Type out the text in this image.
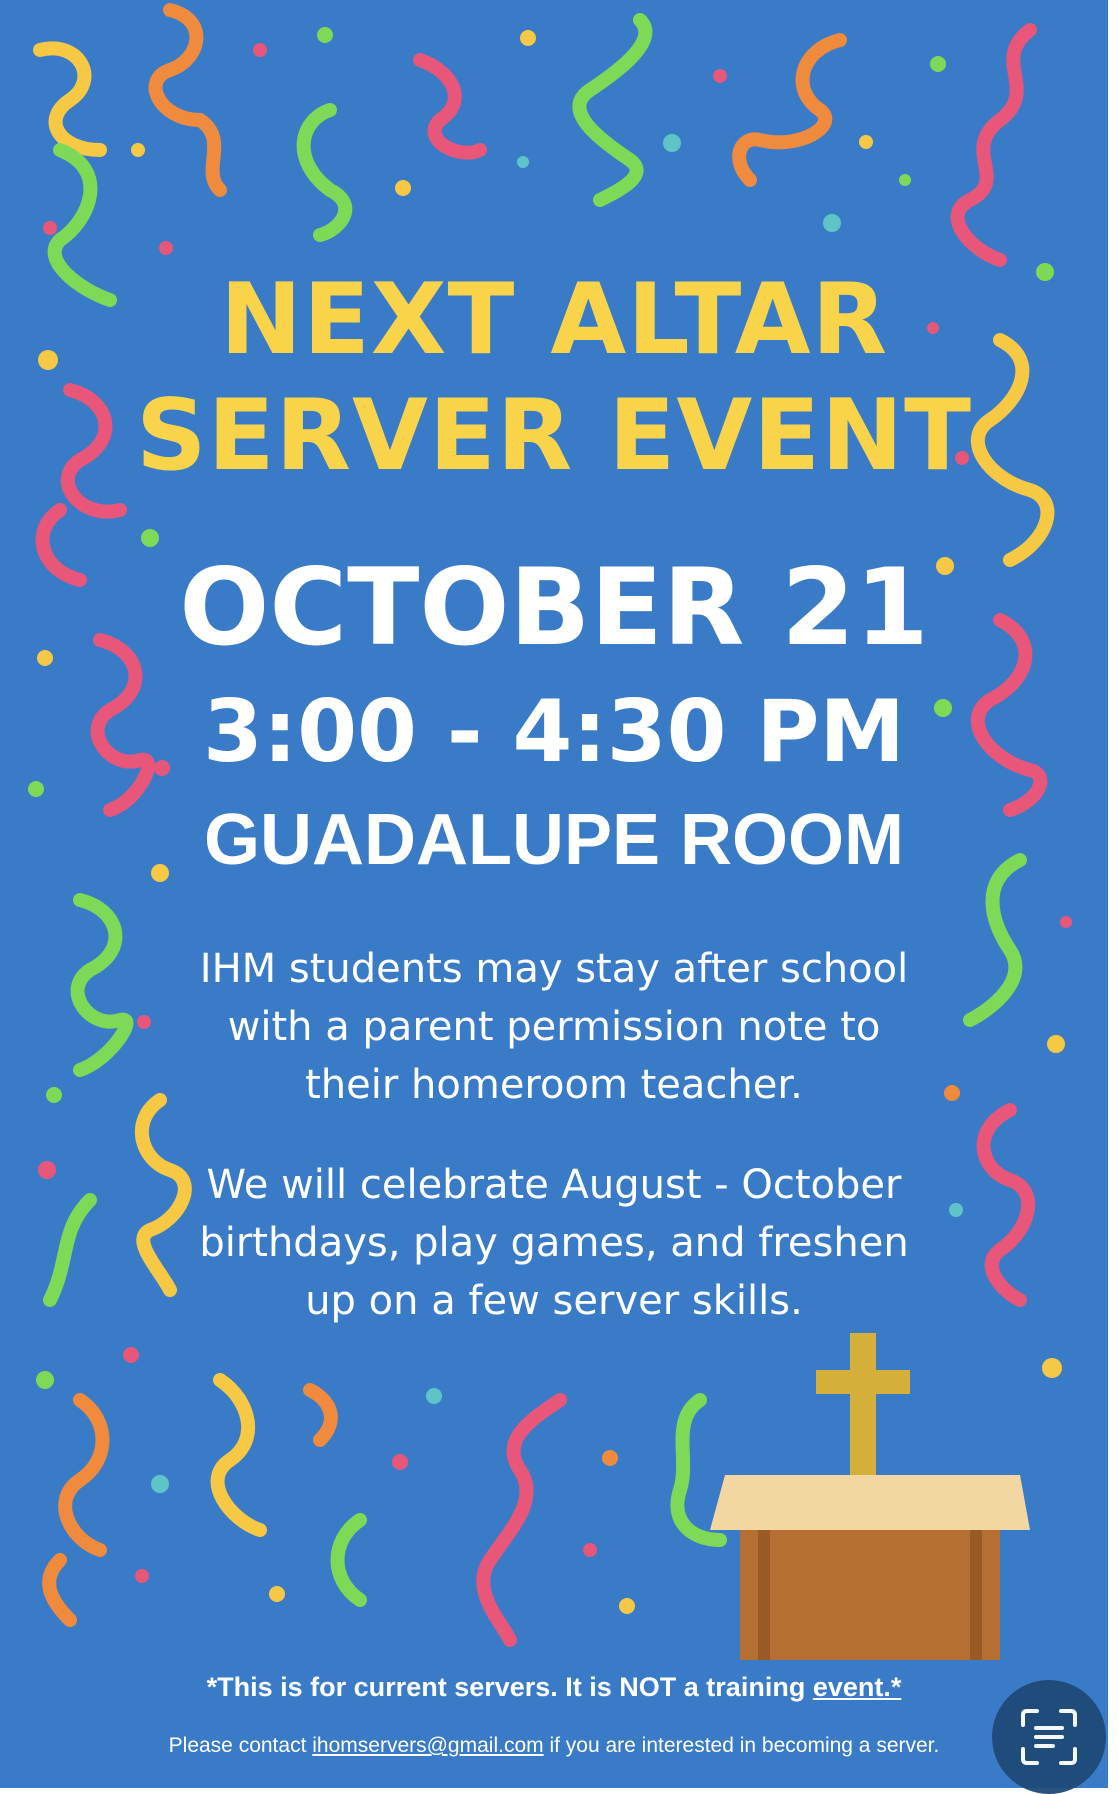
NEXT ALTAR
SERVER EVENT
OCTOBER 21
3:00 - 4:30 PM
GUADALUPE ROOM
IHM students may stay after school
with a parent permission note to
their homeroom teacher.
We will celebrate August - October
birthdays, play games, and freshen
up on a few server skills.
*This is for current servers. It is NOT a training event.*
Please contact ihomservers@gmail.com if you are interested in becoming a server.
